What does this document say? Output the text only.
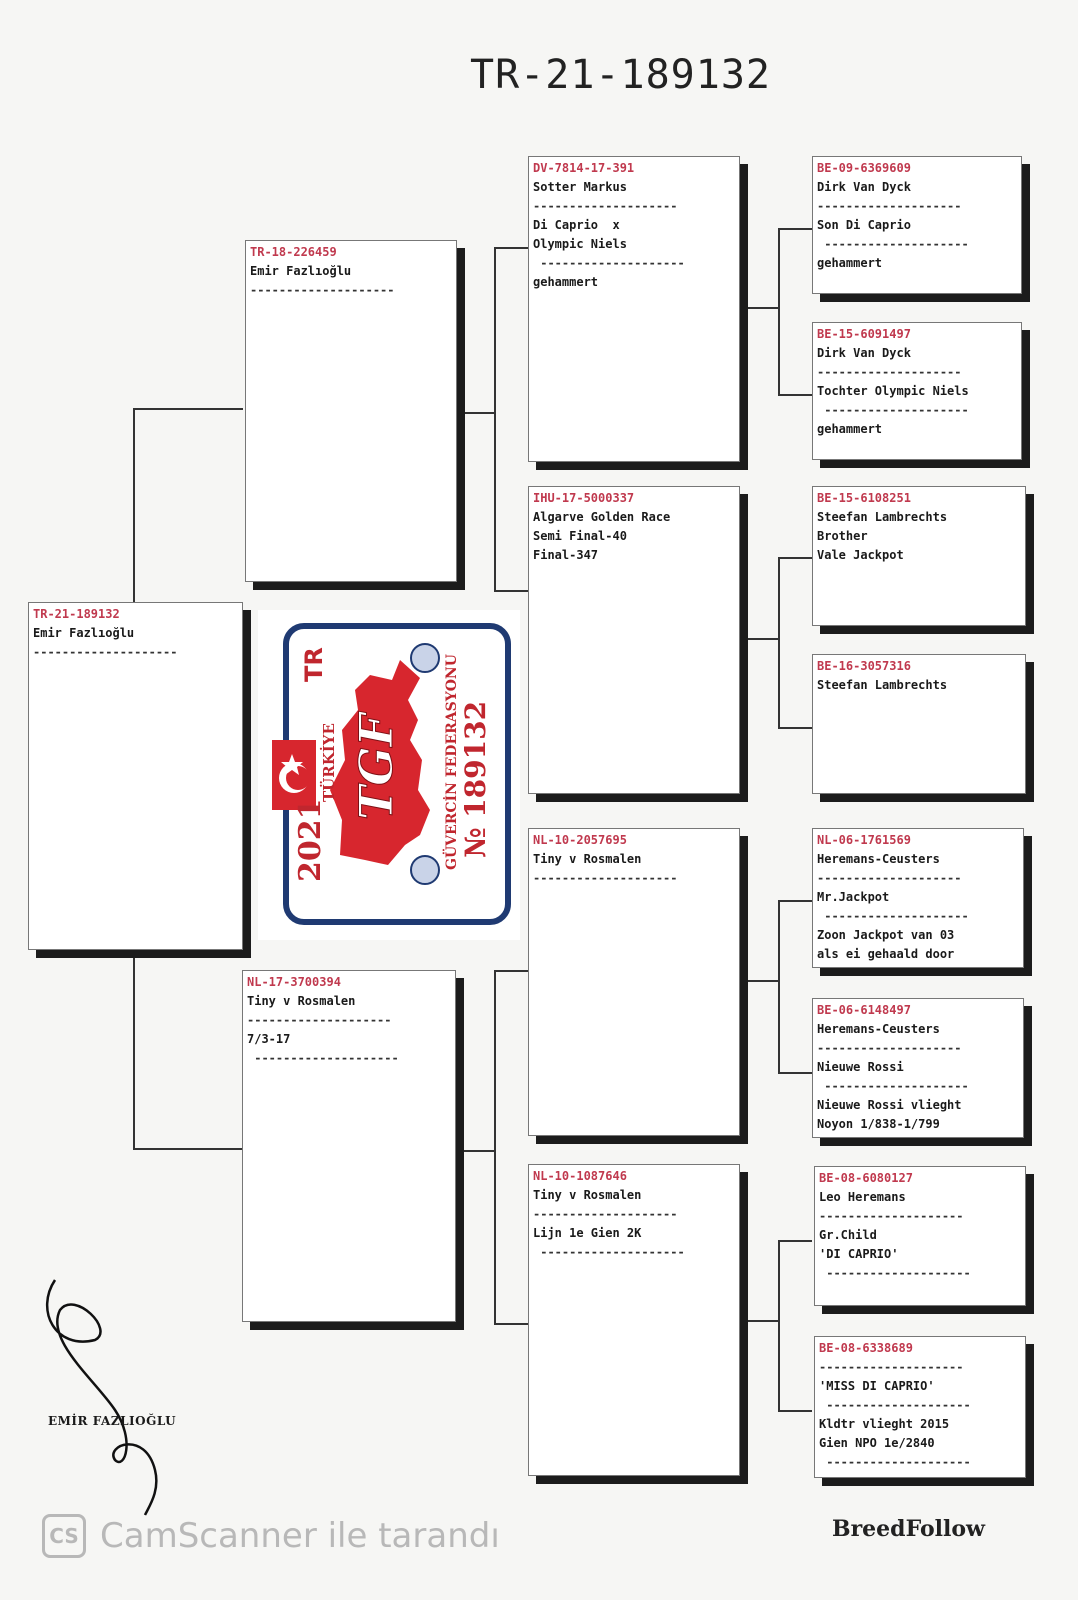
TR-21-189132
TR-21-189132
Emir Fazlıoğlu
--------------------
TR-18-226459
Emir Fazlıoğlu
--------------------
NL-17-3700394
Tiny v Rosmalen
--------------------
7/3-17
--------------------
DV-7814-17-391
Sotter Markus
--------------------
Di Caprio  x
Olympic Niels
--------------------
gehammert
IHU-17-5000337
Algarve Golden Race
Semi Final-40
Final-347
NL-10-2057695
Tiny v Rosmalen
--------------------
NL-10-1087646
Tiny v Rosmalen
--------------------
Lijn 1e Gien 2K
--------------------
BE-09-6369609
Dirk Van Dyck
--------------------
Son Di Caprio
--------------------
gehammert
BE-15-6091497
Dirk Van Dyck
--------------------
Tochter Olympic Niels
--------------------
gehammert
BE-15-6108251
Steefan Lambrechts
Brother
Vale Jackpot
BE-16-3057316
Steefan Lambrechts
NL-06-1761569
Heremans-Ceusters
--------------------
Mr.Jackpot
--------------------
Zoon Jackpot van 03
als ei gehaald door
BE-06-6148497
Heremans-Ceusters
--------------------
Nieuwe Rossi
--------------------
Nieuwe Rossi vlieght
Noyon 1/838-1/799
BE-08-6080127
Leo Heremans
--------------------
Gr.Child
'DI CAPRIO'
--------------------
BE-08-6338689
--------------------
'MISS DI CAPRIO'
--------------------
Kldtr vlieght 2015
Gien NPO 1e/2840
--------------------
2021
TR
TÜRKİYE TGF	GÜVERCİN FEDERASYONU № 189132
EMİR FAZLIOĞLU
CS CamScanner ile tarandı	BreedFollow
